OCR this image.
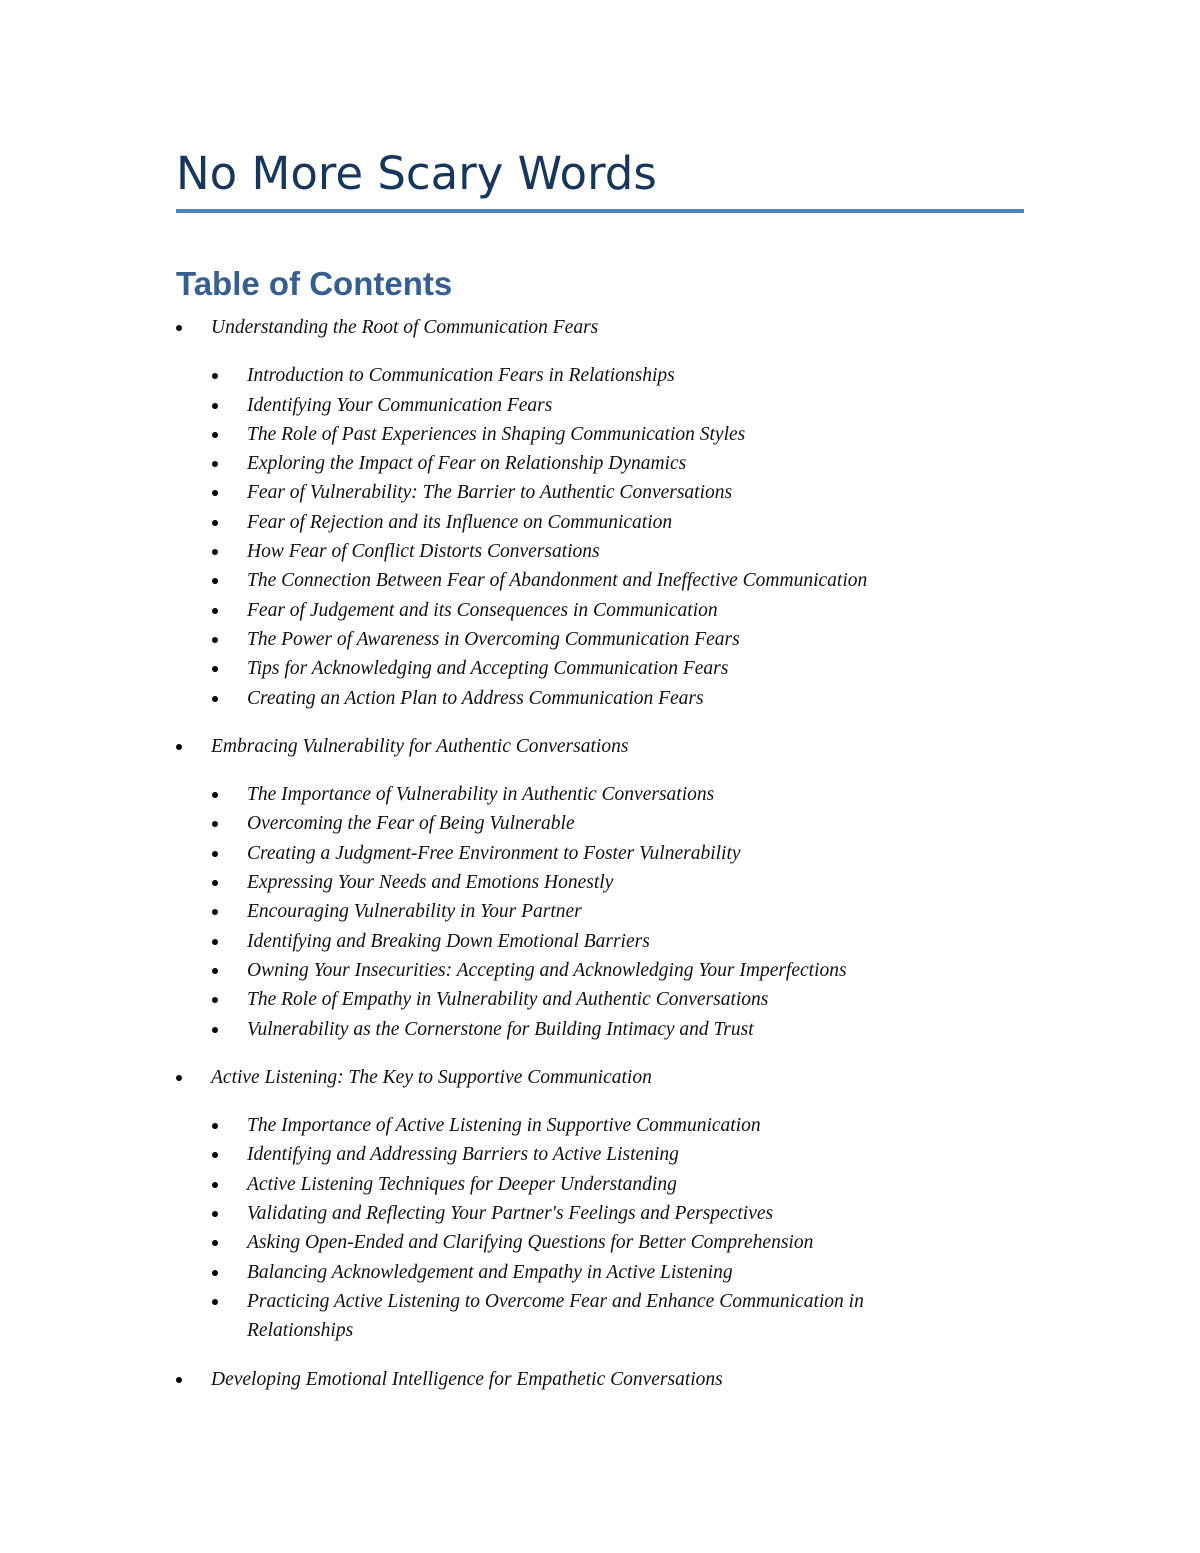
No More Scary Words
Table of Contents
Understanding the Root of Communication Fears
Introduction to Communication Fears in Relationships
Identifying Your Communication Fears
The Role of Past Experiences in Shaping Communication Styles
Exploring the Impact of Fear on Relationship Dynamics
Fear of Vulnerability: The Barrier to Authentic Conversations
Fear of Rejection and its Influence on Communication
How Fear of Conflict Distorts Conversations
The Connection Between Fear of Abandonment and Ineffective Communication
Fear of Judgement and its Consequences in Communication
The Power of Awareness in Overcoming Communication Fears
Tips for Acknowledging and Accepting Communication Fears
Creating an Action Plan to Address Communication Fears
Embracing Vulnerability for Authentic Conversations
The Importance of Vulnerability in Authentic Conversations
Overcoming the Fear of Being Vulnerable
Creating a Judgment-Free Environment to Foster Vulnerability
Expressing Your Needs and Emotions Honestly
Encouraging Vulnerability in Your Partner
Identifying and Breaking Down Emotional Barriers
Owning Your Insecurities: Accepting and Acknowledging Your Imperfections
The Role of Empathy in Vulnerability and Authentic Conversations
Vulnerability as the Cornerstone for Building Intimacy and Trust
Active Listening: The Key to Supportive Communication
The Importance of Active Listening in Supportive Communication
Identifying and Addressing Barriers to Active Listening
Active Listening Techniques for Deeper Understanding
Validating and Reflecting Your Partner's Feelings and Perspectives
Asking Open-Ended and Clarifying Questions for Better Comprehension
Balancing Acknowledgement and Empathy in Active Listening
Practicing Active Listening to Overcome Fear and Enhance Communication in Relationships
Developing Emotional Intelligence for Empathetic Conversations
